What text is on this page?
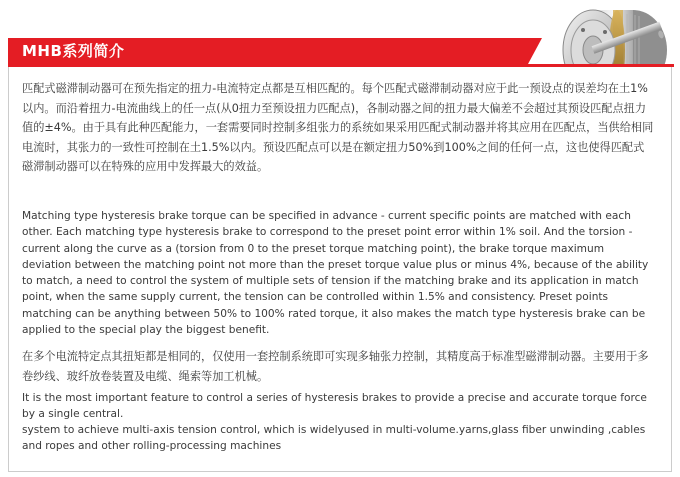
MHB系列简介
匹配式磁滞制动器可在预先指定的扭力-电流特定点都是互相匹配的。每个匹配式磁滞制动器对应于此一预设点的误差均在土1%以内。而沿着扭力-电流曲线上的任一点(从0扭力至预设扭力匹配点)，各制动器之间的扭力最大偏差不会超过其预设匹配点扭力值的±4%。由于具有此种匹配能力，一套需要同时控制多组张力的系统如果采用匹配式制动器并将其应用在匹配点，当供给相同电流时，其张力的一致性可控制在土1.5%以内。预设匹配点可以是在额定扭力50%到100%之间的任何一点，这也使得匹配式磁滞制动器可以在特殊的应用中发挥最大的效益。
Matching type hysteresis brake torque can be specified in advance - current specific points are matched with each other. Each matching type hysteresis brake to correspond to the preset point error within 1% soil. And the torsion - current along the curve as a (torsion from 0 to the preset torque matching point), the brake torque maximum deviation between the matching point not more than the preset torque value plus or minus 4%, because of the ability to match, a need to control the system of multiple sets of tension if the matching brake and its application in match point, when the same supply current, the tension can be controlled within 1.5% and consistency. Preset points matching can be anything between 50% to 100% rated torque, it also makes the match type hysteresis brake can be applied to the special play the biggest benefit.
在多个电流特定点其扭矩都是相同的，仅使用一套控制系统即可实现多轴张力控制，其精度高于标准型磁滞制动器。主要用于多卷纱线、玻纤放卷装置及电缆、绳索等加工机械。
It is the most important feature to control a series of hysteresis brakes to provide a precise and accurate torque force by a single central.
system to achieve multi-axis tension control, which is widelyused in multi-volume.yarns,glass fiber unwinding ,cables and ropes and other rolling-processing machines
